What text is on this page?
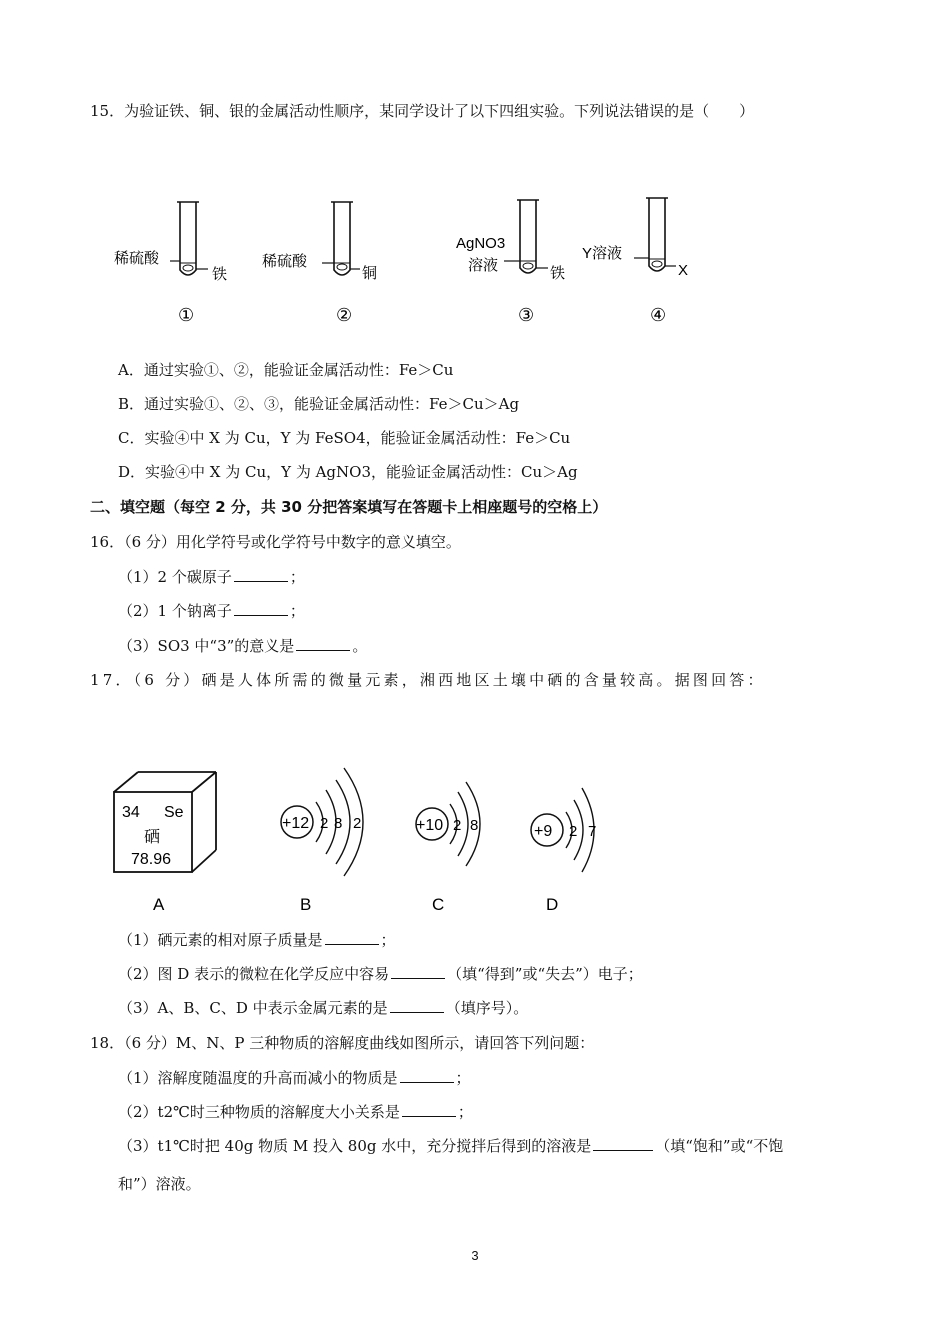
15．为验证铁、铜、银的金属活动性顺序，某同学设计了以下四组实验。下列说法错误的是（　　）
稀硫酸
铁
①
稀硫酸
铜
②
AgNO3
溶液	铁
③
Y溶液
X
④
A．通过实验①、②，能验证金属活动性：Fe＞Cu
B．通过实验①、②、③，能验证金属活动性：Fe＞Cu＞Ag
C．实验④中 X 为 Cu，Y 为 FeSO4，能验证金属活动性：Fe＞Cu
D．实验④中 X 为 Cu，Y 为 AgNO3，能验证金属活动性：Cu＞Ag
二、填空题（每空 2 分，共 30 分把答案填写在答题卡上相座题号的空格上）
16．（6 分）用化学符号或化学符号中数字的意义填空。
（1）2 个碳原子	；
（2）1 个钠离子	；
（3）SO3 中“3”的意义是	。
17．（6 分）硒是人体所需的微量元素，湘西地区土壤中硒的含量较高。据图回答：
34 Se
硒
78.96
+12 2 8 2	+10 2 8	+9 2 7
A	B	C	D
（1）硒元素的相对原子质量是	；
（2）图 D 表示的微粒在化学反应中容易	（填“得到”或“失去”）电子；
（3）A、B、C、D 中表示金属元素的是	（填序号）。
18．（6 分）M、N、P 三种物质的溶解度曲线如图所示，请回答下列问题：
（1）溶解度随温度的升高而减小的物质是	；
（2）t2℃时三种物质的溶解度大小关系是	；
（3）t1℃时把 40g 物质 M 投入 80g 水中，充分搅拌后得到的溶液是	（填“饱和”或“不饱
和”）溶液。
3
